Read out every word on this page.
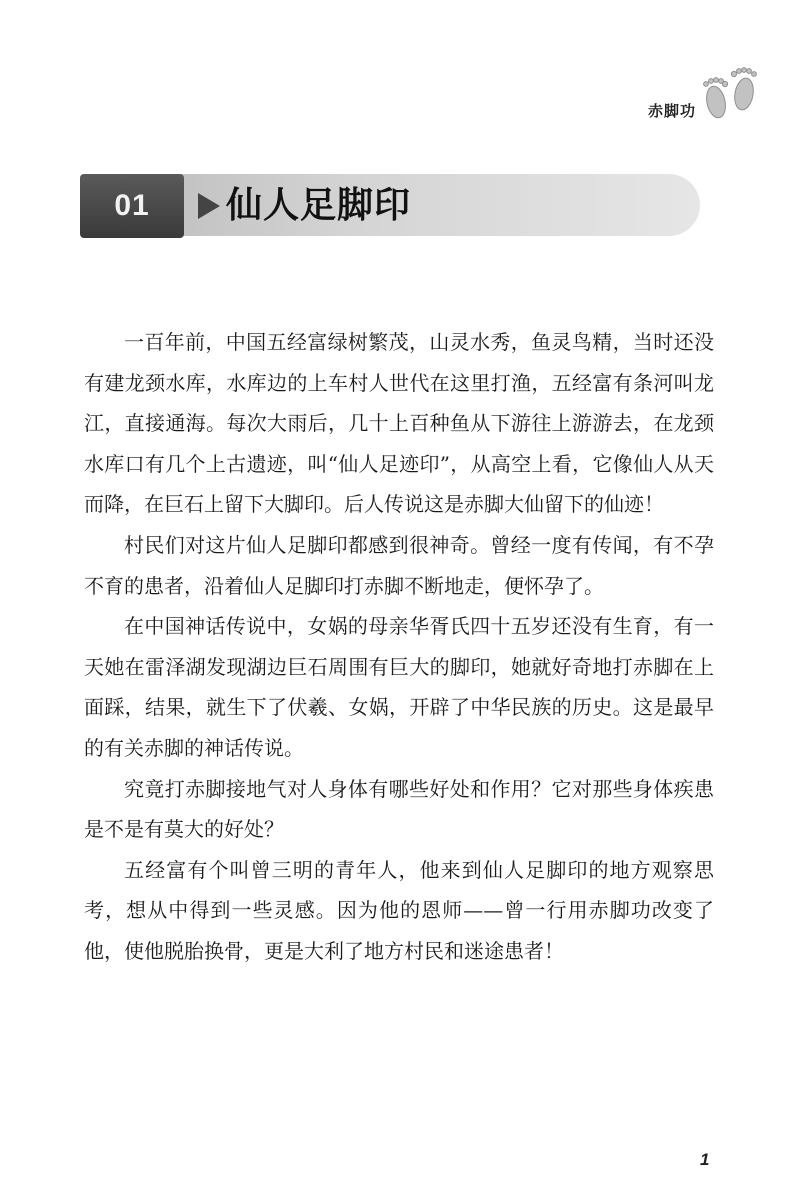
赤脚功
01	仙人足脚印

一百年前，中国五经富绿树繁茂，山灵水秀，鱼灵鸟精，当时还没有建龙颈水库，水库边的上车村人世代在这里打渔，五经富有条河叫龙江，直接通海。每次大雨后，几十上百种鱼从下游往上游游去，在龙颈水库口有几个上古遗迹，叫“仙人足迹印”，从高空上看，它像仙人从天而降，在巨石上留下大脚印。后人传说这是赤脚大仙留下的仙迹！

村民们对这片仙人足脚印都感到很神奇。曾经一度有传闻，有不孕不育的患者，沿着仙人足脚印打赤脚不断地走，便怀孕了。

在中国神话传说中，女娲的母亲华胥氏四十五岁还没有生育，有一天她在雷泽湖发现湖边巨石周围有巨大的脚印，她就好奇地打赤脚在上面踩，结果，就生下了伏羲、女娲，开辟了中华民族的历史。这是最早的有关赤脚的神话传说。

究竟打赤脚接地气对人身体有哪些好处和作用？它对那些身体疾患是不是有莫大的好处？

五经富有个叫曾三明的青年人，他来到仙人足脚印的地方观察思考，想从中得到一些灵感。因为他的恩师——曾一行用赤脚功改变了他，使他脱胎换骨，更是大利了地方村民和迷途患者！

1
